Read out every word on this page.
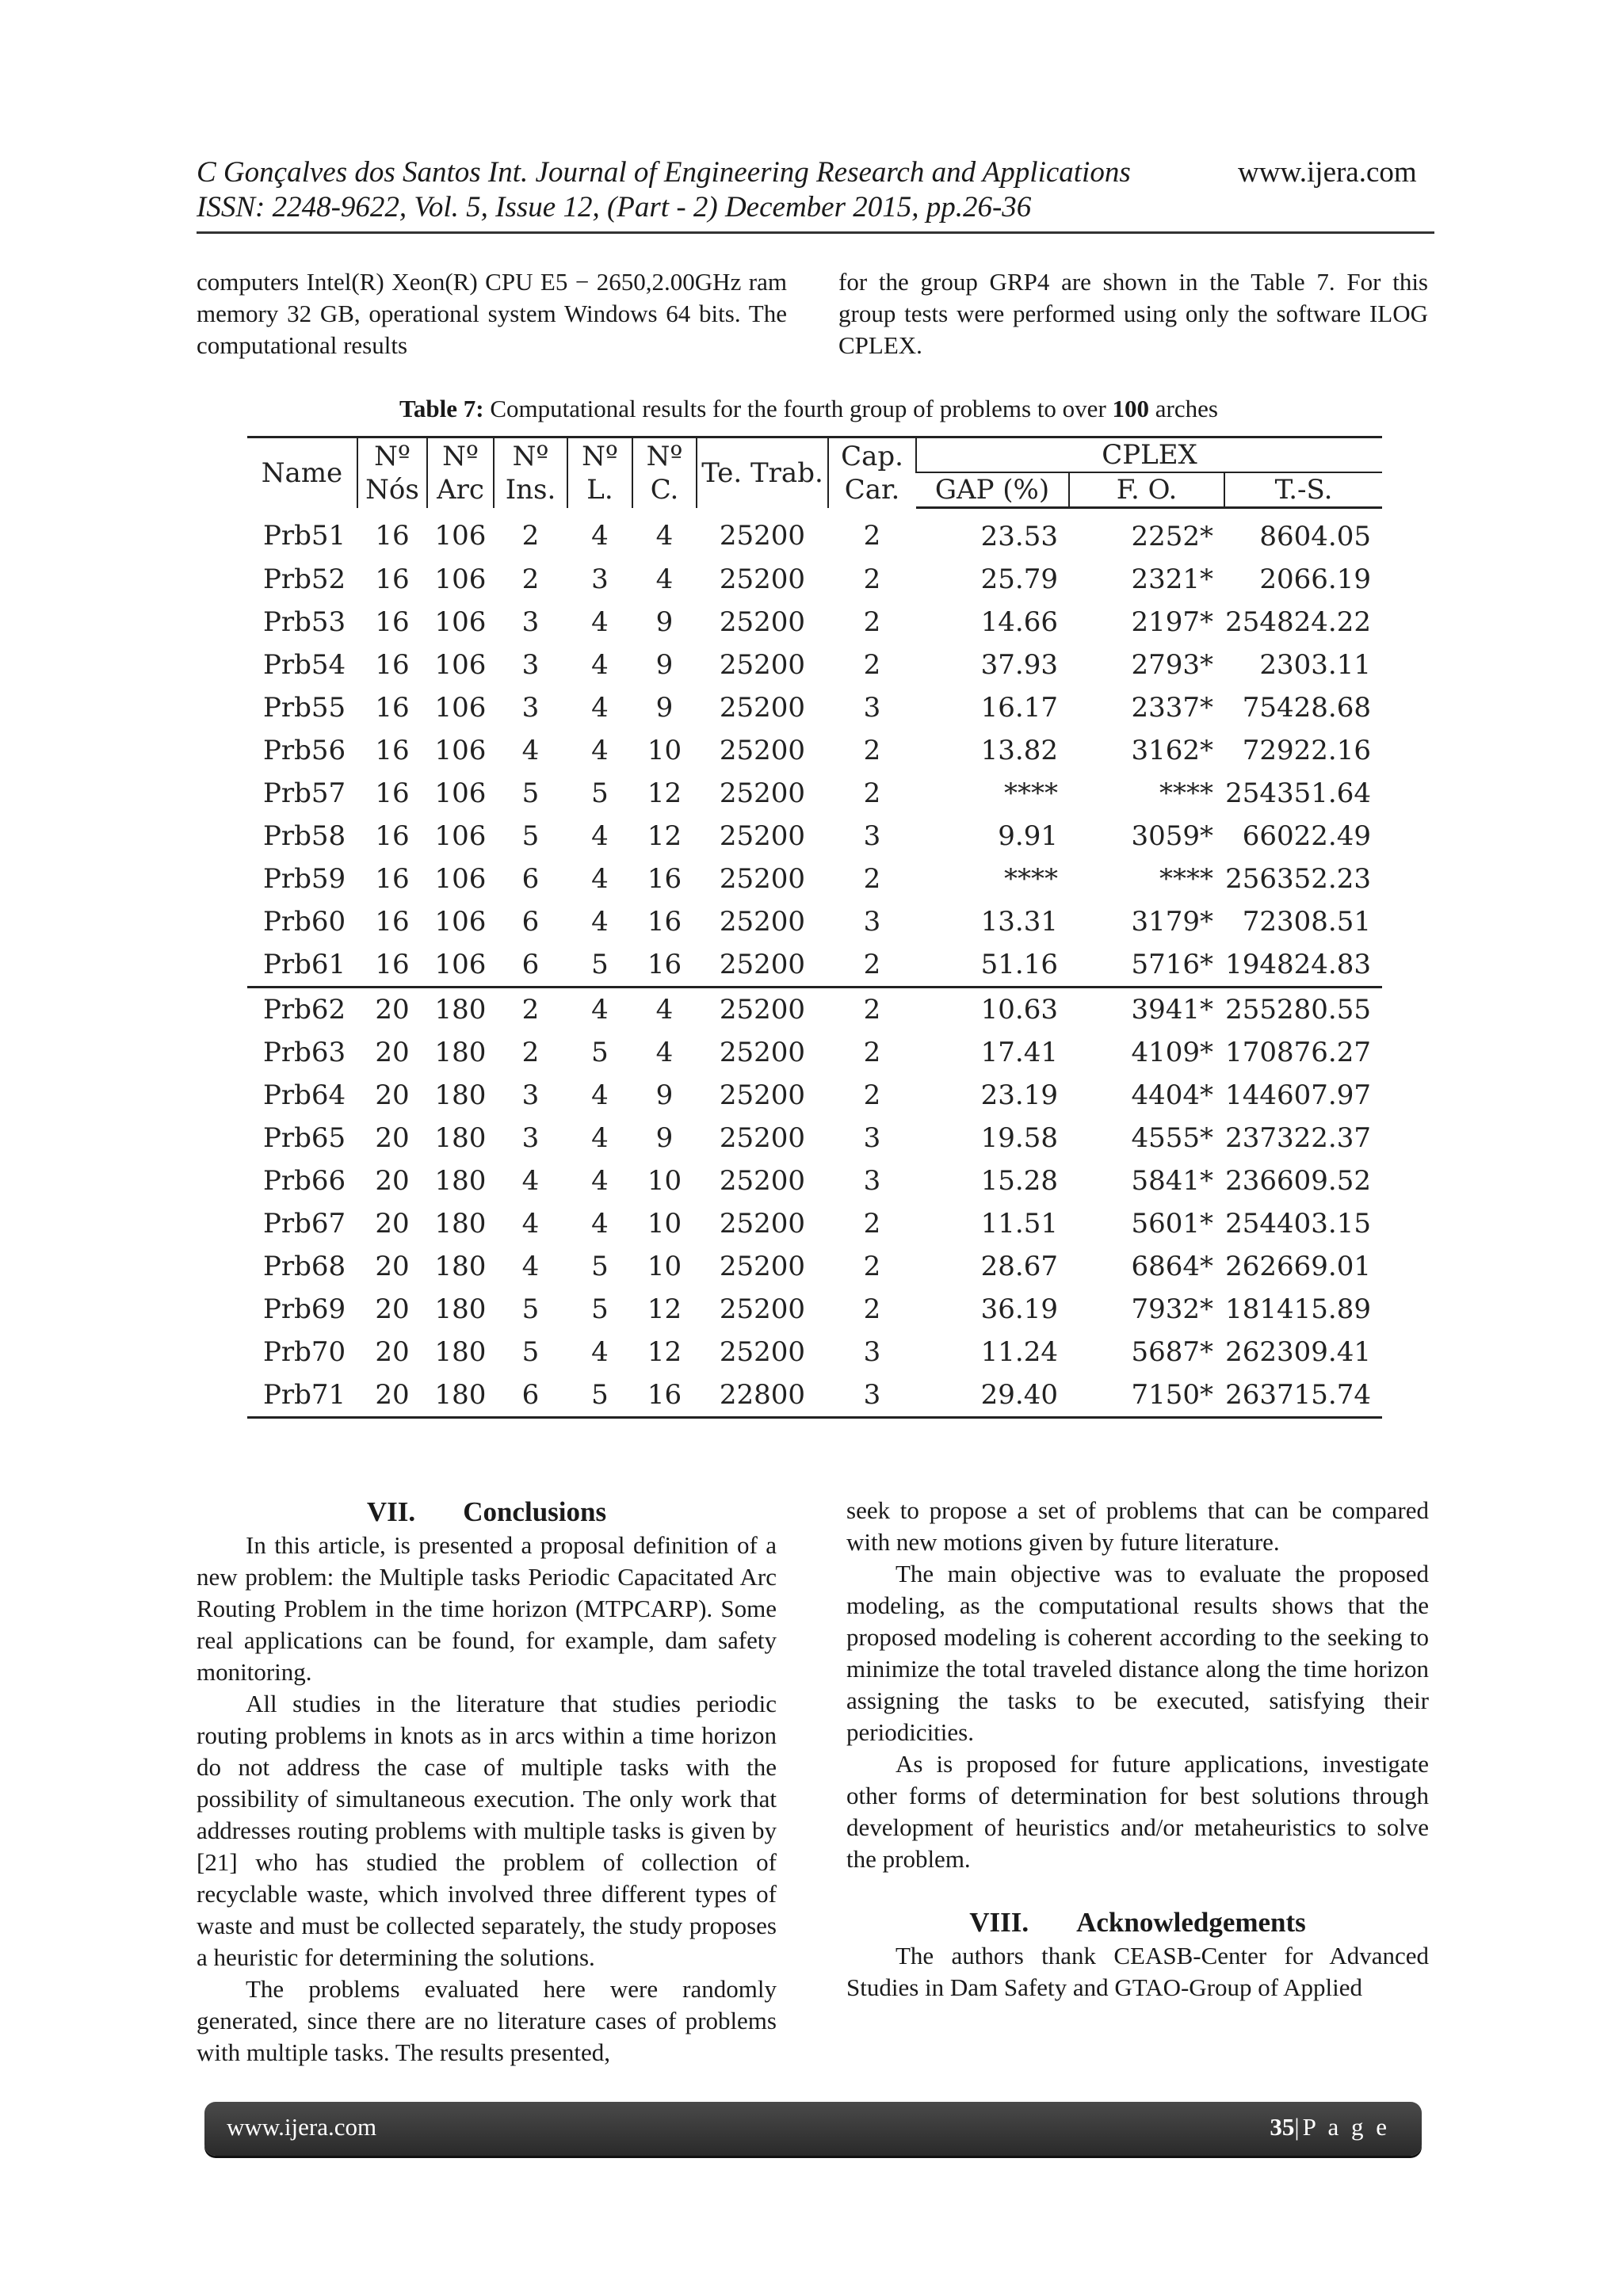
C Gonçalves dos Santos Int. Journal of Engineering Research and Applications	www.ijera.com
ISSN: 2248-9622, Vol. 5, Issue 12, (Part - 2) December 2015, pp.26-36

computers Intel(R) Xeon(R) CPU E5 − 2650,2.00GHz ram memory 32 GB, operational system Windows 64 bits. The computational results

for the group GRP4 are shown in the Table 7. For this group tests were performed using only the software ILOG CPLEX.

Table 7: Computational results for the fourth group of problems to over 100 arches
Name	Nº Nós	Nº Arc	Nº Ins.	Nº L.	Nº C.	Te. Trab.	Cap. Car.	CPLEX		
								GAP (%)	F. O.	T.-S.
Prb51	16	106	2	4	4	25200	2	23.53	2252*	8604.05
Prb52	16	106	2	3	4	25200	2	25.79	2321*	2066.19
Prb53	16	106	3	4	9	25200	2	14.66	2197*	254824.22
Prb54	16	106	3	4	9	25200	2	37.93	2793*	2303.11
Prb55	16	106	3	4	9	25200	3	16.17	2337*	75428.68
Prb56	16	106	4	4	10	25200	2	13.82	3162*	72922.16
Prb57	16	106	5	5	12	25200	2	****	****	254351.64
Prb58	16	106	5	4	12	25200	3	9.91	3059*	66022.49
Prb59	16	106	6	4	16	25200	2	****	****	256352.23
Prb60	16	106	6	4	16	25200	3	13.31	3179*	72308.51
Prb61	16	106	6	5	16	25200	2	51.16	5716*	194824.83
Prb62	20	180	2	4	4	25200	2	10.63	3941*	255280.55
Prb63	20	180	2	5	4	25200	2	17.41	4109*	170876.27
Prb64	20	180	3	4	9	25200	2	23.19	4404*	144607.97
Prb65	20	180	3	4	9	25200	3	19.58	4555*	237322.37
Prb66	20	180	4	4	10	25200	3	15.28	5841*	236609.52
Prb67	20	180	4	4	10	25200	2	11.51	5601*	254403.15
Prb68	20	180	4	5	10	25200	2	28.67	6864*	262669.01
Prb69	20	180	5	5	12	25200	2	36.19	7932*	181415.89
Prb70	20	180	5	4	12	25200	3	11.24	5687*	262309.41
Prb71	20	180	6	5	16	22800	3	29.40	7150*	263715.74
VII. Conclusions

In this article, is presented a proposal definition of a new problem: the Multiple tasks Periodic Capacitated Arc Routing Problem in the time horizon (MTPCARP). Some real applications can be found, for example, dam safety monitoring.

All studies in the literature that studies periodic routing problems in knots as in arcs within a time horizon do not address the case of multiple tasks with the possibility of simultaneous execution. The only work that addresses routing problems with multiple tasks is given by [21] who has studied the problem of collection of recyclable waste, which involved three different types of waste and must be collected separately, the study proposes a heuristic for determining the solutions.

The problems evaluated here were randomly generated, since there are no literature cases of problems with multiple tasks. The results presented,

seek to propose a set of problems that can be compared with new motions given by future literature.

The main objective was to evaluate the proposed modeling, as the computational results shows that the proposed modeling is coherent according to the seeking to minimize the total traveled distance along the time horizon assigning the tasks to be executed, satisfying their periodicities.

As is proposed for future applications, investigate other forms of determination for best solutions through development of heuristics and/or metaheuristics to solve the problem.

VIII. Acknowledgements

The authors thank CEASB-Center for Advanced Studies in Dam Safety and GTAO-Group of Applied

www.ijera.com	35|P a g e
